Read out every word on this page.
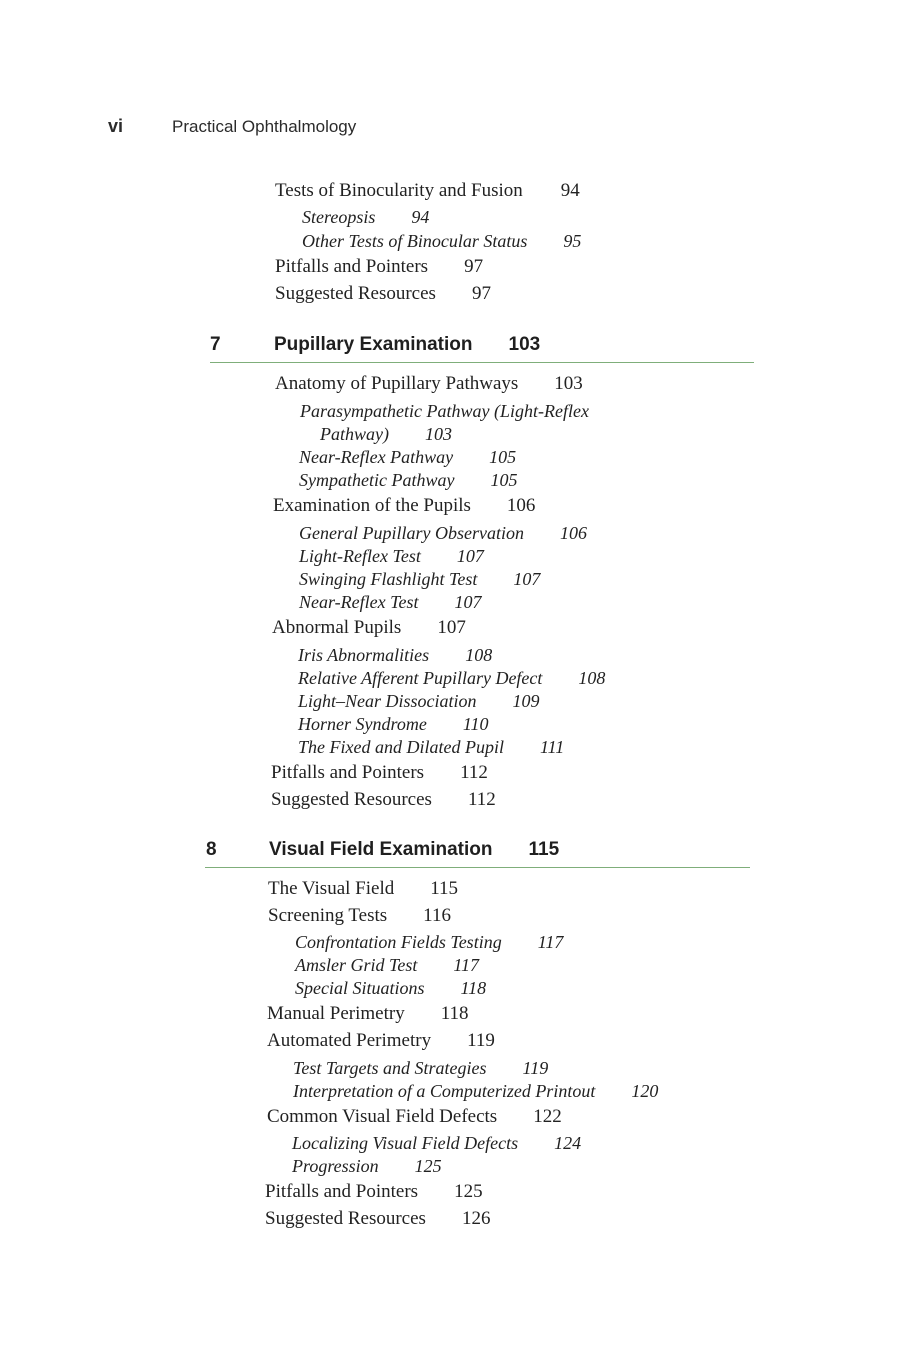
vi	Practical Ophthalmology
Tests of Binocularity and Fusion 94
Stereopsis 94
Other Tests of Binocular Status 95
Pitfalls and Pointers 97
Suggested Resources 97
7	Pupillary Examination 103
Anatomy of Pupillary Pathways 103
Parasympathetic Pathway (Light-Reflex
Pathway) 103
Near-Reflex Pathway 105
Sympathetic Pathway 105
Examination of the Pupils 106
General Pupillary Observation 106
Light-Reflex Test 107
Swinging Flashlight Test 107
Near-Reflex Test 107
Abnormal Pupils 107
Iris Abnormalities 108
Relative Afferent Pupillary Defect 108
Light–Near Dissociation 109
Horner Syndrome 110
The Fixed and Dilated Pupil 111
Pitfalls and Pointers 112
Suggested Resources 112
8	Visual Field Examination 115
The Visual Field 115
Screening Tests 116
Confrontation Fields Testing 117
Amsler Grid Test 117
Special Situations 118
Manual Perimetry 118
Automated Perimetry 119
Test Targets and Strategies 119
Interpretation of a Computerized Printout 120
Common Visual Field Defects 122
Localizing Visual Field Defects 124
Progression 125
Pitfalls and Pointers 125
Suggested Resources 126
